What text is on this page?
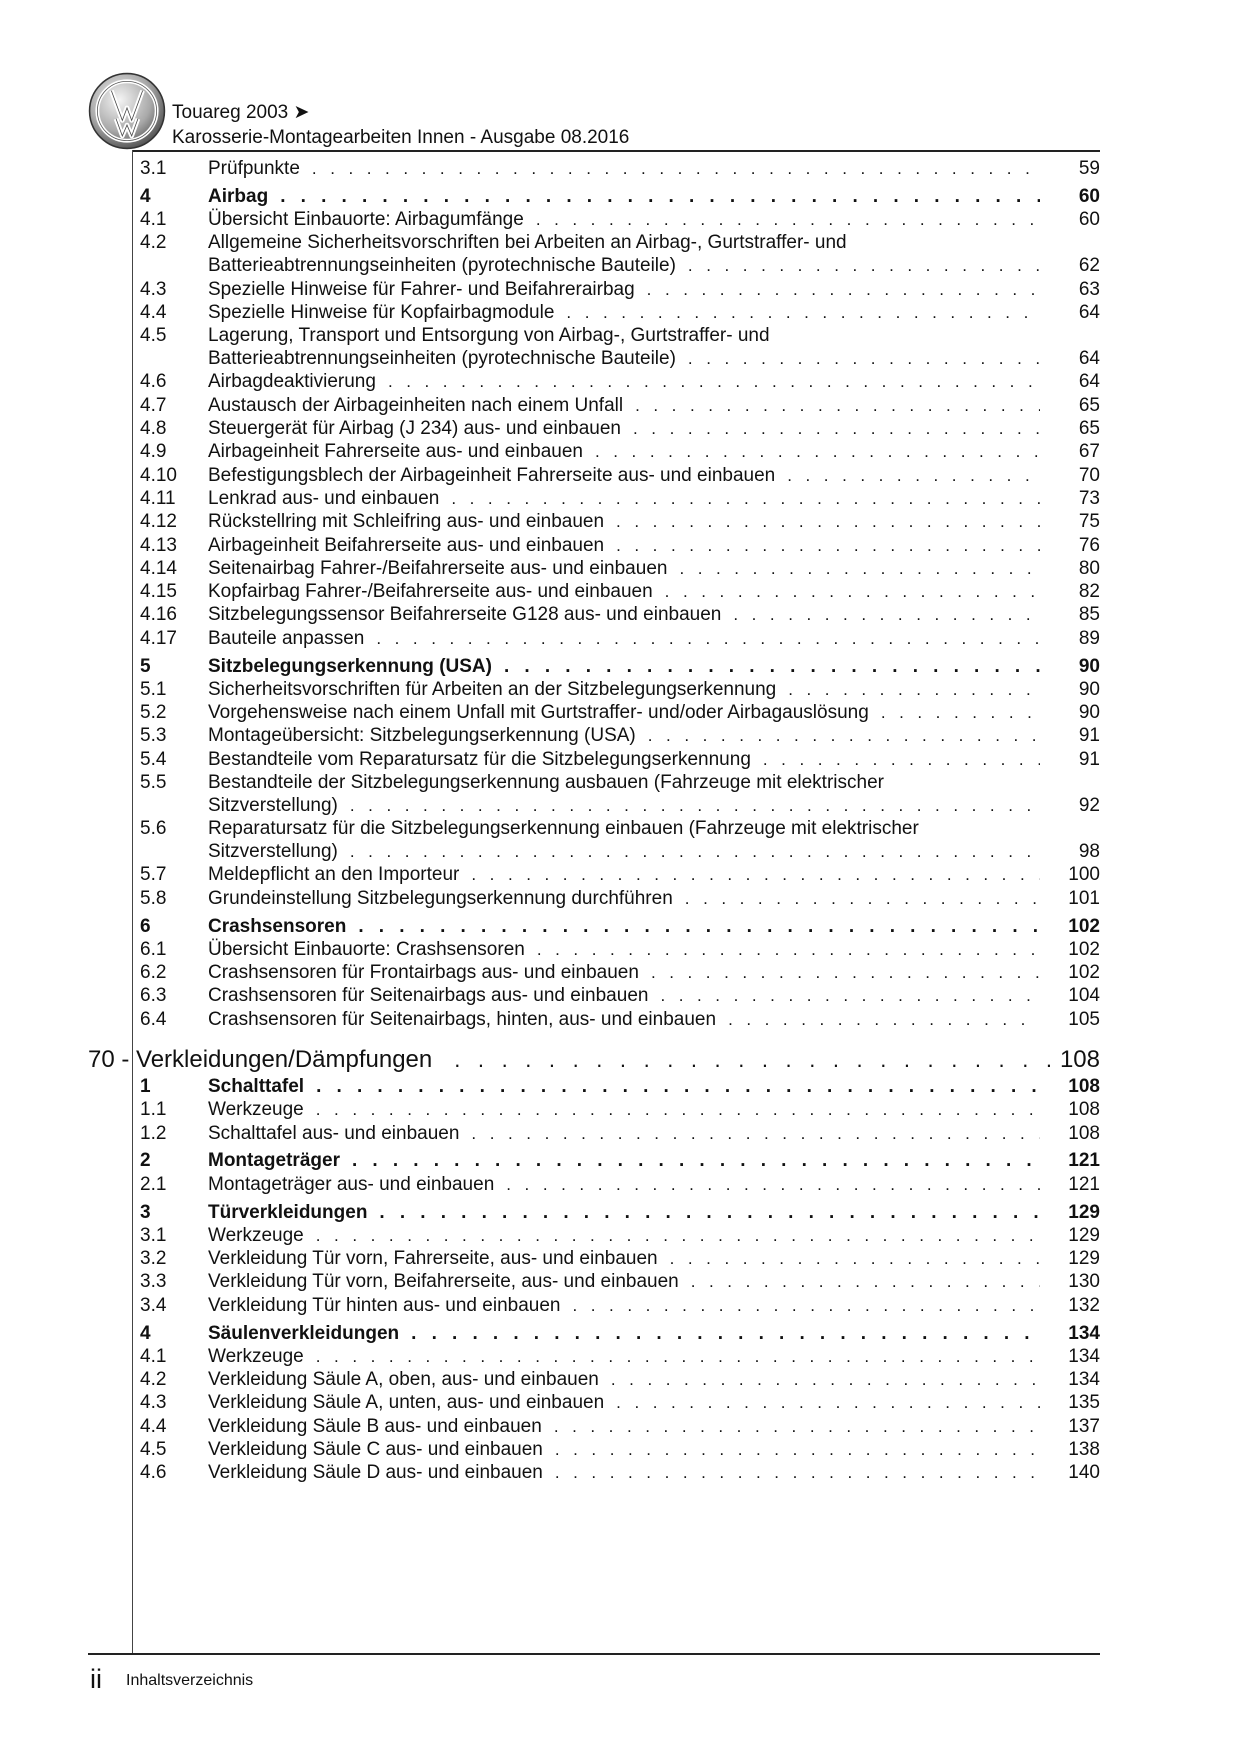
Touareg 2003 ➤
Karosserie-Montagearbeiten Innen - Ausgabe 08.2016
3.1 Prüfpunkte . . .	59
4	Airbag . . .	60
4.1 Übersicht Einbauorte: Airbagumfänge . . .	60
4.2 Allgemeine Sicherheitsvorschriften bei Arbeiten an Airbag-, Gurtstraffer- und
Batterieabtrennungseinheiten (pyrotechnische Bauteile) . . .	62
4.3 Spezielle Hinweise für Fahrer- und Beifahrerairbag . . .	63
4.4 Spezielle Hinweise für Kopfairbagmodule . . .	64
4.5 Lagerung, Transport und Entsorgung von Airbag-, Gurtstraffer- und
Batterieabtrennungseinheiten (pyrotechnische Bauteile) . . .	64
4.6 Airbagdeaktivierung . . .	64
4.7 Austausch der Airbageinheiten nach einem Unfall . . .	65
4.8 Steuergerät für Airbag (J 234) aus- und einbauen . . .	65
4.9 Airbageinheit Fahrerseite aus- und einbauen . . .	67
4.10 Befestigungsblech der Airbageinheit Fahrerseite aus- und einbauen . . .	70
4.11 Lenkrad aus- und einbauen . . .	73
4.12 Rückstellring mit Schleifring aus- und einbauen . . .	75
4.13 Airbageinheit Beifahrerseite aus- und einbauen . . .	76
4.14 Seitenairbag Fahrer-/Beifahrerseite aus- und einbauen . . .	80
4.15 Kopfairbag Fahrer-/Beifahrerseite aus- und einbauen . . .	82
4.16 Sitzbelegungssensor Beifahrerseite G128 aus- und einbauen . . .	85
4.17 Bauteile anpassen . . .	89
5	Sitzbelegungserkennung (USA) . . .	90
5.1 Sicherheitsvorschriften für Arbeiten an der Sitzbelegungserkennung . . .	90
5.2 Vorgehensweise nach einem Unfall mit Gurtstraffer- und/oder Airbagauslösung . . .	90
5.3 Montageübersicht: Sitzbelegungserkennung (USA) . . .	91
5.4 Bestandteile vom Reparatursatz für die Sitzbelegungserkennung . . .	91
5.5 Bestandteile der Sitzbelegungserkennung ausbauen (Fahrzeuge mit elektrischer
Sitzverstellung) . . .	92
5.6 Reparatursatz für die Sitzbelegungserkennung einbauen (Fahrzeuge mit elektrischer
Sitzverstellung) . . .	98
5.7 Meldepflicht an den Importeur . . .	100
5.8 Grundeinstellung Sitzbelegungserkennung durchführen . . .	101
6	Crashsensoren . . .	102
6.1 Übersicht Einbauorte: Crashsensoren . . .	102
6.2 Crashsensoren für Frontairbags aus- und einbauen . . .	102
6.3 Crashsensoren für Seitenairbags aus- und einbauen . . .	104
6.4 Crashsensoren für Seitenairbags, hinten, aus- und einbauen . . .	105
70 - Verkleidungen/Dämpfungen . . .	108
1	Schalttafel . . .	108
1.1 Werkzeuge . . .	108
1.2 Schalttafel aus- und einbauen . . .	108
2	Montageträger . . .	121
2.1 Montageträger aus- und einbauen . . .	121
3	Türverkleidungen . . .	129
3.1 Werkzeuge . . .	129
3.2 Verkleidung Tür vorn, Fahrerseite, aus- und einbauen . . .	129
3.3 Verkleidung Tür vorn, Beifahrerseite, aus- und einbauen . . .	130
3.4 Verkleidung Tür hinten aus- und einbauen . . .	132
4	Säulenverkleidungen . . .	134
4.1 Werkzeuge . . .	134
4.2 Verkleidung Säule A, oben, aus- und einbauen . . .	134
4.3 Verkleidung Säule A, unten, aus- und einbauen . . .	135
4.4 Verkleidung Säule B aus- und einbauen . . .	137
4.5 Verkleidung Säule C aus- und einbauen . . .	138
4.6 Verkleidung Säule D aus- und einbauen . . .	140
ii Inhaltsverzeichnis
